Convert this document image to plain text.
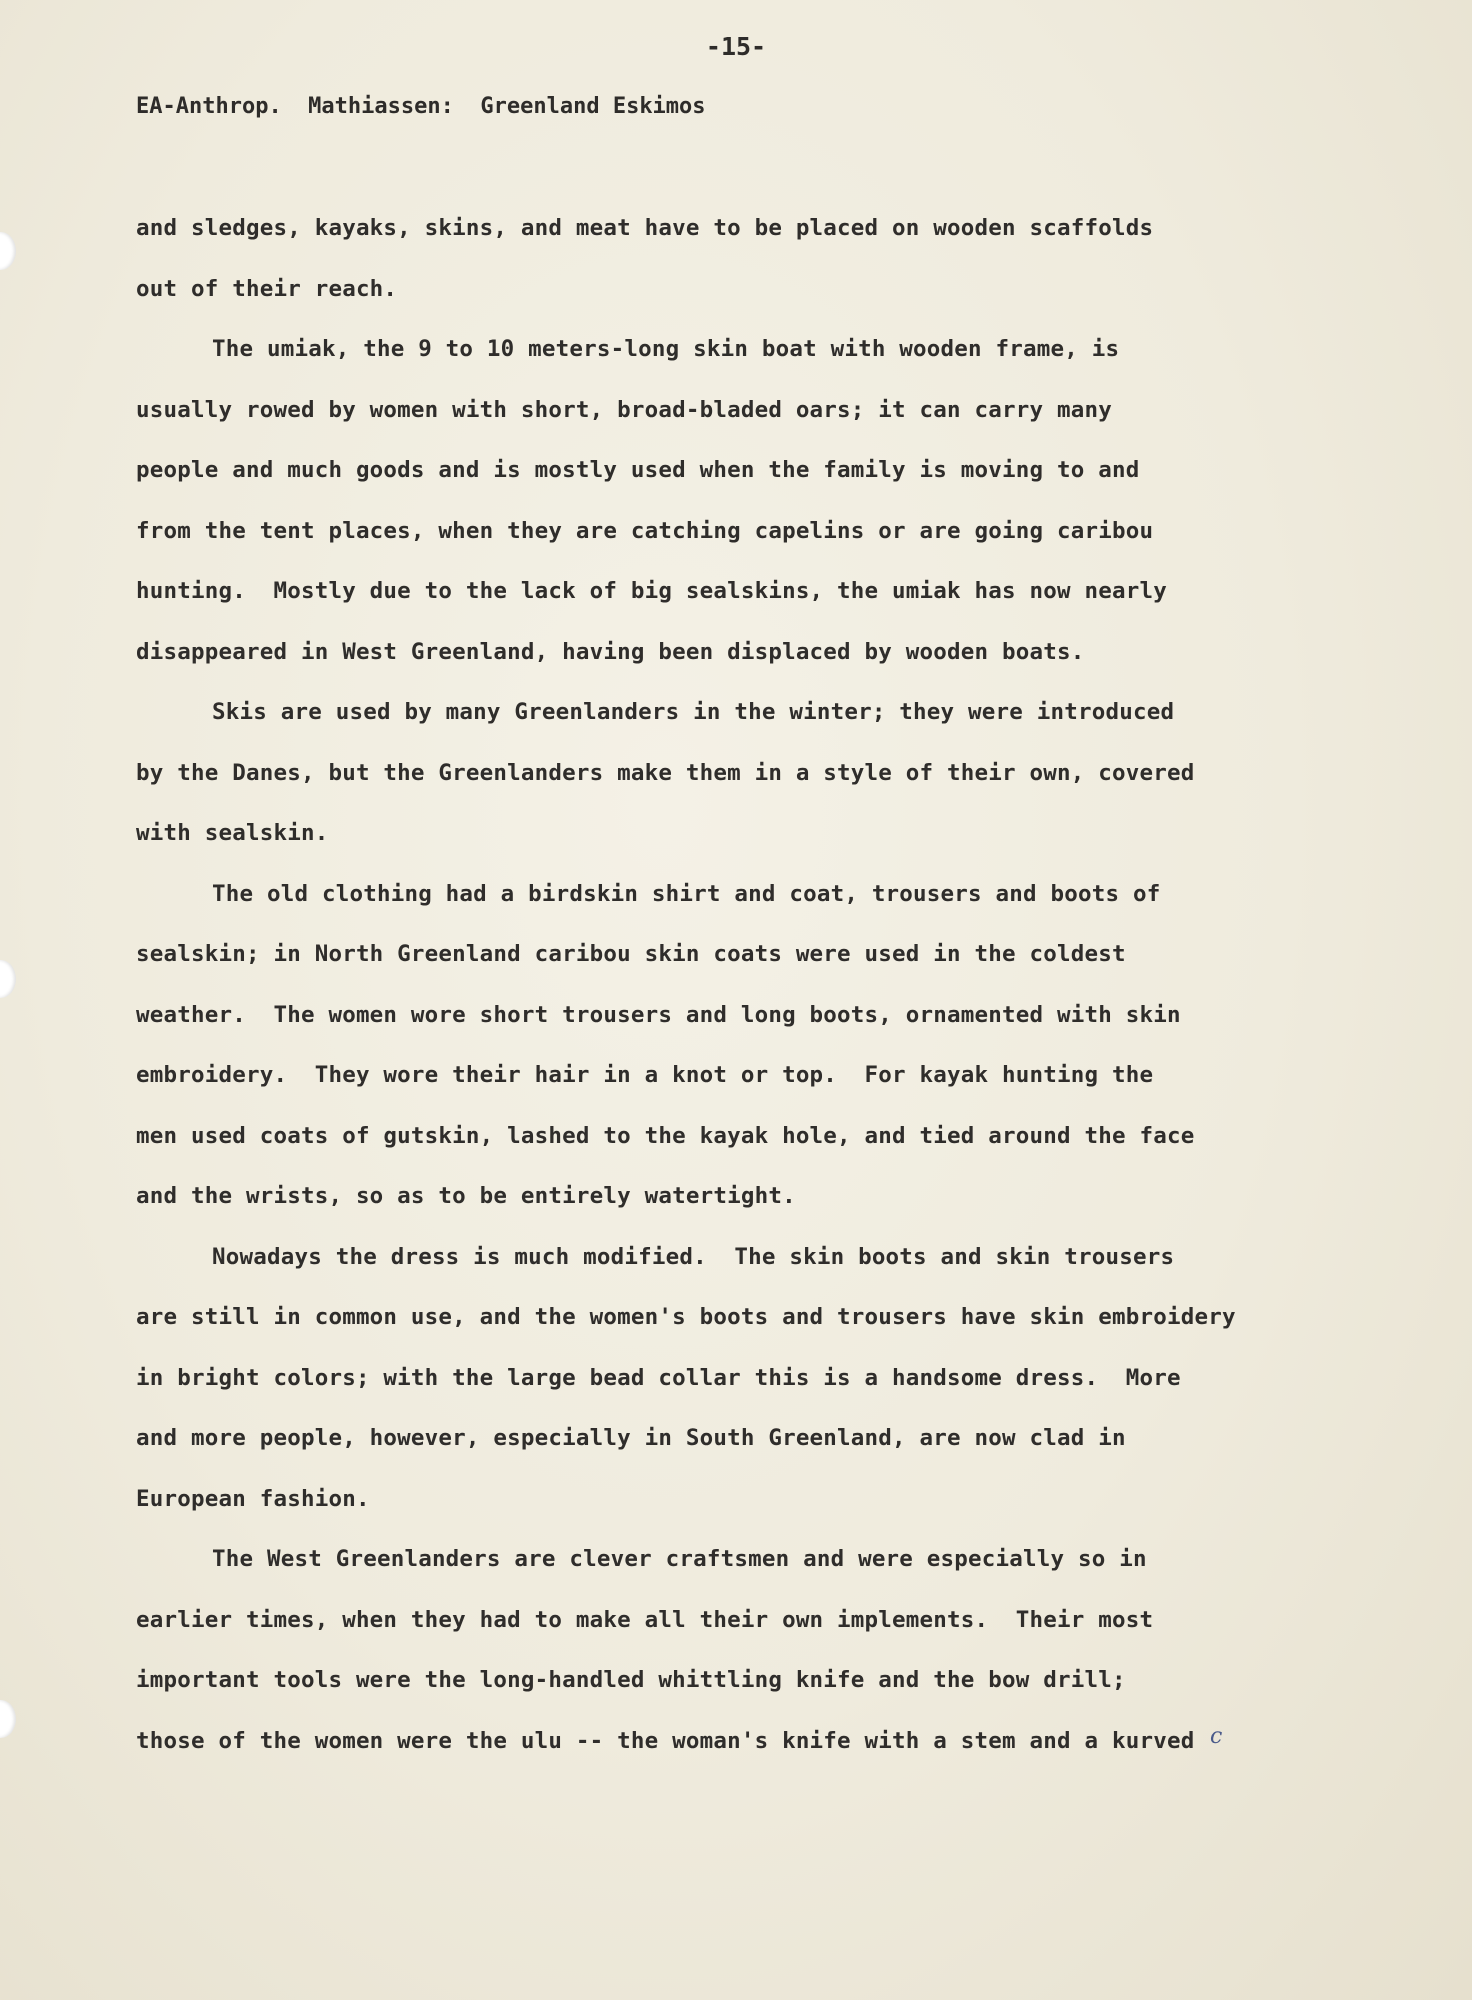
-15-
EA-Anthrop.  Mathiassen:  Greenland Eskimos
and sledges, kayaks, skins, and meat have to be placed on wooden scaffolds
out of their reach.
The umiak, the 9 to 10 meters-long skin boat with wooden frame, is
usually rowed by women with short, broad-bladed oars; it can carry many
people and much goods and is mostly used when the family is moving to and
from the tent places, when they are catching capelins or are going caribou
hunting.  Mostly due to the lack of big sealskins, the umiak has now nearly
disappeared in West Greenland, having been displaced by wooden boats.
Skis are used by many Greenlanders in the winter; they were introduced
by the Danes, but the Greenlanders make them in a style of their own, covered
with sealskin.
The old clothing had a birdskin shirt and coat, trousers and boots of
sealskin; in North Greenland caribou skin coats were used in the coldest
weather.  The women wore short trousers and long boots, ornamented with skin
embroidery.  They wore their hair in a knot or top.  For kayak hunting the
men used coats of gutskin, lashed to the kayak hole, and tied around the face
and the wrists, so as to be entirely watertight.
Nowadays the dress is much modified.  The skin boots and skin trousers
are still in common use, and the women's boots and trousers have skin embroidery
in bright colors; with the large bead collar this is a handsome dress.  More
and more people, however, especially in South Greenland, are now clad in
European fashion.
The West Greenlanders are clever craftsmen and were especially so in
earlier times, when they had to make all their own implements.  Their most
important tools were the long-handled whittling knife and the bow drill;
those of the women were the ulu -- the woman's knife with a stem and a kurved c
